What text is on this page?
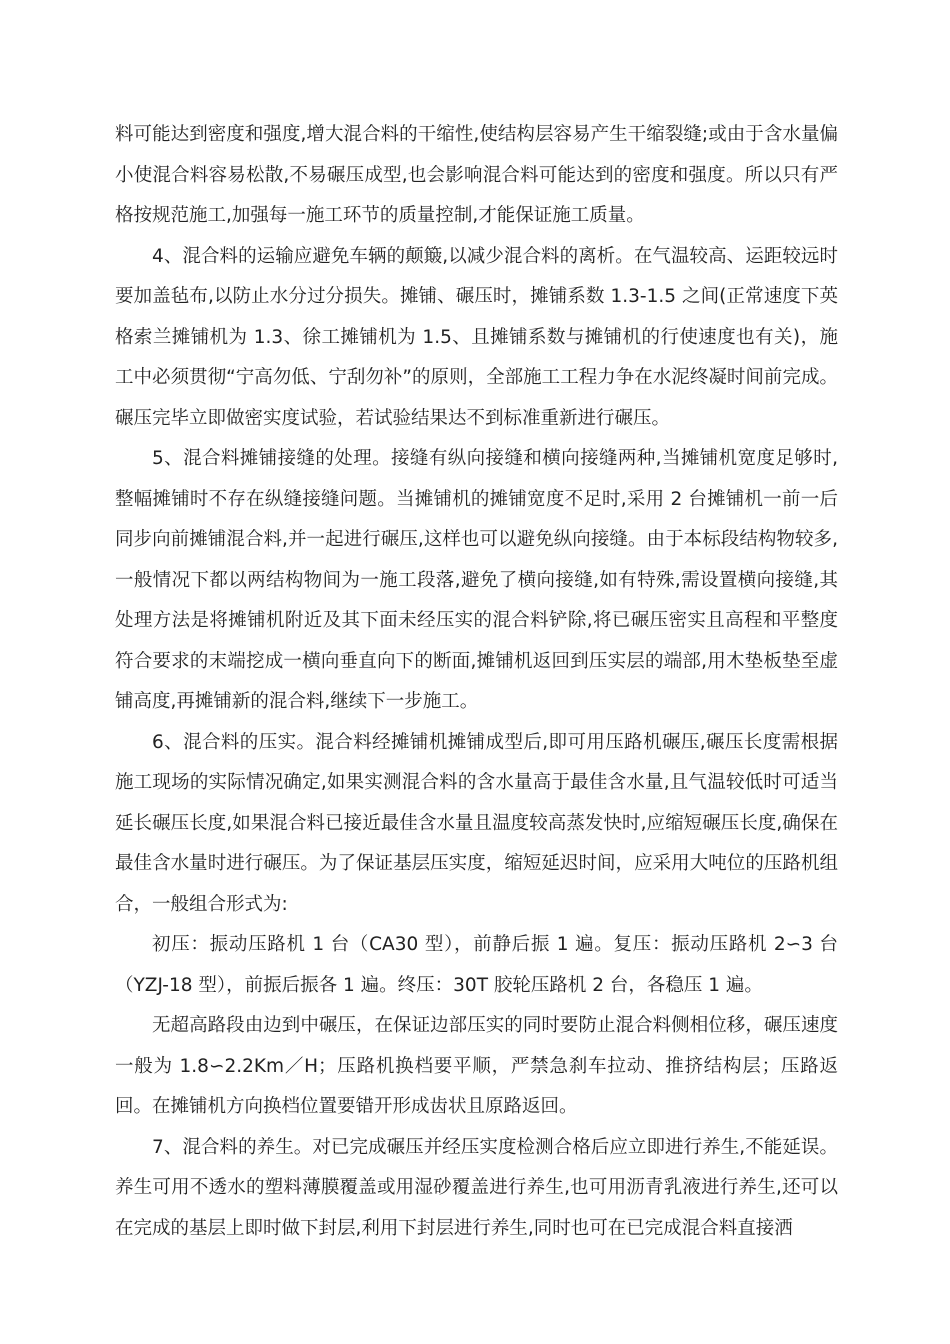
料可能达到密度和强度,增大混合料的干缩性,使结构层容易产生干缩裂缝;或由于含水量偏小使混合料容易松散,不易碾压成型,也会影响混合料可能达到的密度和强度。所以只有严格按规范施工,加强每一施工环节的质量控制,才能保证施工质量。

4、混合料的运输应避免车辆的颠簸,以减少混合料的离析。在气温较高、运距较远时要加盖毡布,以防止水分过分损失。摊铺、碾压时，摊铺系数 1.3-1.5 之间(正常速度下英格索兰摊铺机为 1.3、徐工摊铺机为 1.5、且摊铺系数与摊铺机的行使速度也有关)，施工中必须贯彻“宁高勿低、宁刮勿补”的原则，全部施工工程力争在水泥终凝时间前完成。碾压完毕立即做密实度试验，若试验结果达不到标准重新进行碾压。

5、混合料摊铺接缝的处理。接缝有纵向接缝和横向接缝两种,当摊铺机宽度足够时,整幅摊铺时不存在纵缝接缝问题。当摊铺机的摊铺宽度不足时,采用 2 台摊铺机一前一后同步向前摊铺混合料,并一起进行碾压,这样也可以避免纵向接缝。由于本标段结构物较多,一般情况下都以两结构物间为一施工段落,避免了横向接缝,如有特殊,需设置横向接缝,其处理方法是将摊铺机附近及其下面未经压实的混合料铲除,将已碾压密实且高程和平整度符合要求的末端挖成一横向垂直向下的断面,摊铺机返回到压实层的端部,用木垫板垫至虚铺高度,再摊铺新的混合料,继续下一步施工。

6、混合料的压实。混合料经摊铺机摊铺成型后,即可用压路机碾压,碾压长度需根据施工现场的实际情况确定,如果实测混合料的含水量高于最佳含水量,且气温较低时可适当延长碾压长度,如果混合料已接近最佳含水量且温度较高蒸发快时,应缩短碾压长度,确保在最佳含水量时进行碾压。为了保证基层压实度，缩短延迟时间，应采用大吨位的压路机组合，一般组合形式为:

初压：振动压路机 1 台（CA30 型），前静后振 1 遍。复压：振动压路机 2∽3 台（YZJ-18 型），前振后振各 1 遍。终压：30T 胶轮压路机 2 台，各稳压 1 遍。

无超高路段由边到中碾压，在保证边部压实的同时要防止混合料侧相位移，碾压速度一般为 1.8∽2.2Km／H；压路机换档要平顺，严禁急刹车拉动、推挤结构层；压路返回。在摊铺机方向换档位置要错开形成齿状且原路返回。

7、混合料的养生。对已完成碾压并经压实度检测合格后应立即进行养生,不能延误。养生可用不透水的塑料薄膜覆盖或用湿砂覆盖进行养生,也可用沥青乳液进行养生,还可以在完成的基层上即时做下封层,利用下封层进行养生,同时也可在已完成混合料直接洒
